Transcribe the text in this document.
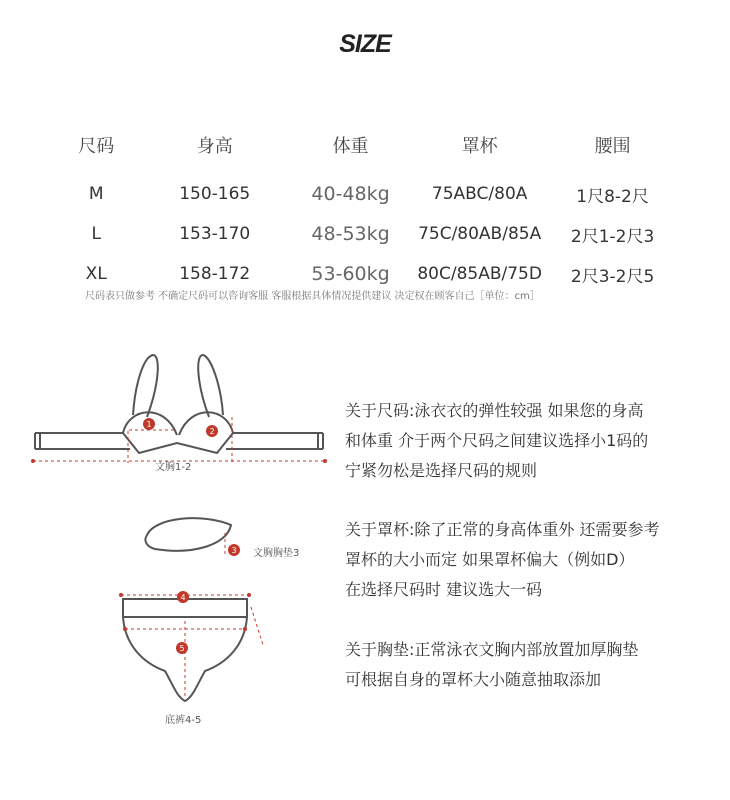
SIZE
尺码	身高	体重	罩杯	腰围
M	150-165	40-48kg	75ABC/80A	1尺8-2尺
L	153-170	48-53kg	75C/80AB/85A	2尺1-2尺3
XL	158-172	53-60kg	80C/85AB/75D	2尺3-2尺5
尺码表只做参考 不确定尺码可以咨询客服 客服根据具体情况提供建议 决定权在顾客自己［单位：cm］
1
2
3
4
5
文胸1-2
文胸胸垫3
底裤4-5
关于尺码:泳衣衣的弹性较强 如果您的身高
和体重 介于两个尺码之间建议选择小1码的
宁紧勿松是选择尺码的规则
关于罩杯:除了正常的身高体重外 还需要参考
罩杯的大小而定 如果罩杯偏大（例如D）
在选择尺码时 建议选大一码
关于胸垫:正常泳衣文胸内部放置加厚胸垫
可根据自身的罩杯大小随意抽取添加
